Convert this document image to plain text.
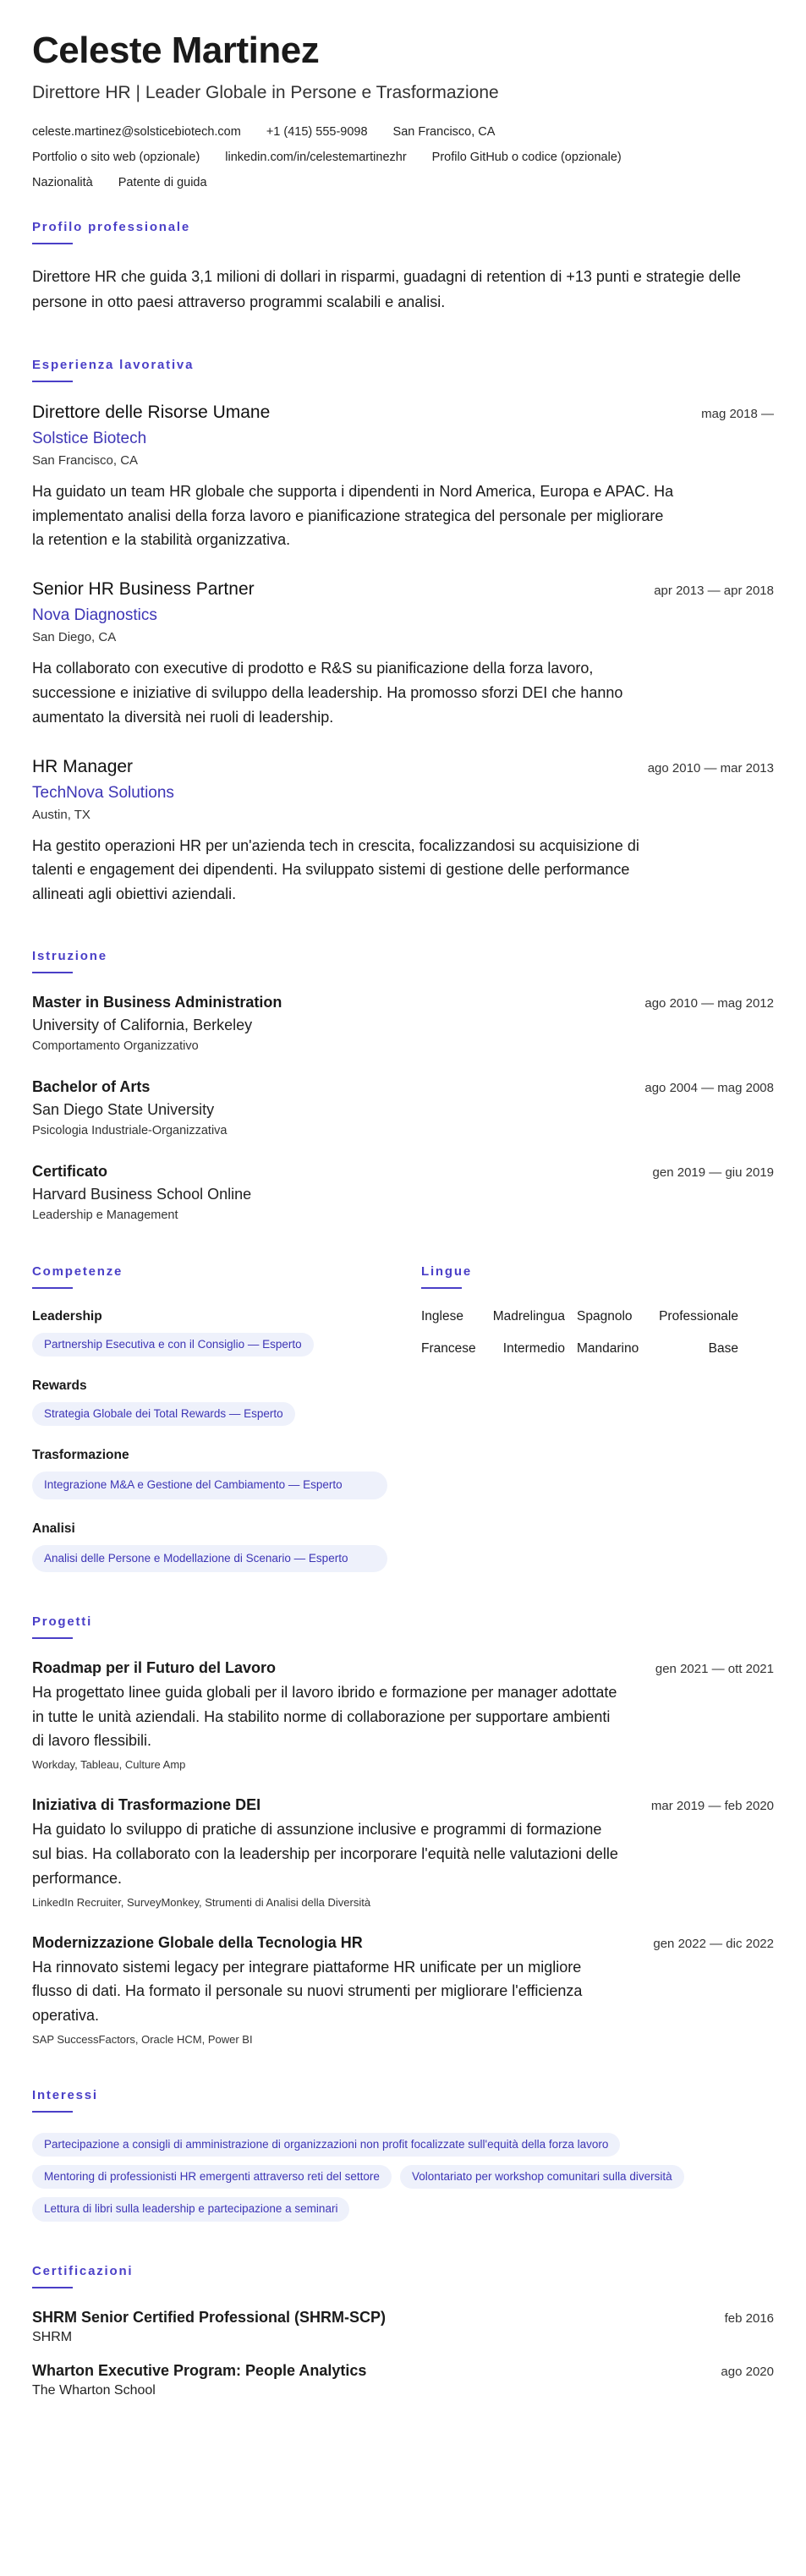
Celeste Martinez
Direttore HR | Leader Globale in Persone e Trasformazione
celeste.martinez@solsticebiotech.com +1 (415) 555-9098 San Francisco, CA
Portfolio o sito web (opzionale) linkedin.com/in/celestemartinezhr Profilo GitHub o codice (opzionale)
Nazionalità Patente di guida
Profilo professionale

Direttore HR che guida 3,1 milioni di dollari in risparmi, guadagni di retention di +13 punti e strategie delle persone in otto paesi attraverso programmi scalabili e analisi.

Esperienza lavorativa
Direttore delle Risorse Umane	mag 2018 —
Solstice Biotech
San Francisco, CA

Ha guidato un team HR globale che supporta i dipendenti in Nord America, Europa e APAC. Ha implementato analisi della forza lavoro e pianificazione strategica del personale per migliorare la retention e la stabilità organizzativa.

Senior HR Business Partner	apr 2013 — apr 2018
Nova Diagnostics
San Diego, CA

Ha collaborato con executive di prodotto e R&S su pianificazione della forza lavoro, successione e iniziative di sviluppo della leadership. Ha promosso sforzi DEI che hanno aumentato la diversità nei ruoli di leadership.

HR Manager	ago 2010 — mar 2013
TechNova Solutions
Austin, TX

Ha gestito operazioni HR per un'azienda tech in crescita, focalizzandosi su acquisizione di talenti e engagement dei dipendenti. Ha sviluppato sistemi di gestione delle performance allineati agli obiettivi aziendali.

Istruzione
Master in Business Administration	ago 2010 — mag 2012
University of California, Berkeley
Comportamento Organizzativo
Bachelor of Arts	ago 2004 — mag 2008
San Diego State University
Psicologia Industriale-Organizzativa
Certificato	gen 2019 — giu 2019
Harvard Business School Online
Leadership e Management
Competenze
Leadership
Partnership Esecutiva e con il Consiglio — Esperto
Rewards
Strategia Globale dei Total Rewards — Esperto
Trasformazione
Integrazione M&A e Gestione del Cambiamento — Esperto
Analisi
Analisi delle Persone e Modellazione di Scenario — Esperto
Lingue
Inglese	Madrelingua Spagnolo	Professionale
Francese	Intermedio Mandarino	Base
Progetti
Roadmap per il Futuro del Lavoro	gen 2021 — ott 2021

Ha progettato linee guida globali per il lavoro ibrido e formazione per manager adottate in tutte le unità aziendali. Ha stabilito norme di collaborazione per supportare ambienti di lavoro flessibili.

Workday, Tableau, Culture Amp
Iniziativa di Trasformazione DEI	mar 2019 — feb 2020

Ha guidato lo sviluppo di pratiche di assunzione inclusive e programmi di formazione sul bias. Ha collaborato con la leadership per incorporare l'equità nelle valutazioni delle performance.

LinkedIn Recruiter, SurveyMonkey, Strumenti di Analisi della Diversità
Modernizzazione Globale della Tecnologia HR	gen 2022 — dic 2022

Ha rinnovato sistemi legacy per integrare piattaforme HR unificate per un migliore flusso di dati. Ha formato il personale su nuovi strumenti per migliorare l'efficienza operativa.

SAP SuccessFactors, Oracle HCM, Power BI
Interessi
Partecipazione a consigli di amministrazione di organizzazioni non profit focalizzate sull'equità della forza lavoro
Mentoring di professionisti HR emergenti attraverso reti del settore	Volontariato per workshop comunitari sulla diversità
Lettura di libri sulla leadership e partecipazione a seminari
Certificazioni
SHRM Senior Certified Professional (SHRM-SCP)	feb 2016
SHRM
Wharton Executive Program: People Analytics	ago 2020
The Wharton School
